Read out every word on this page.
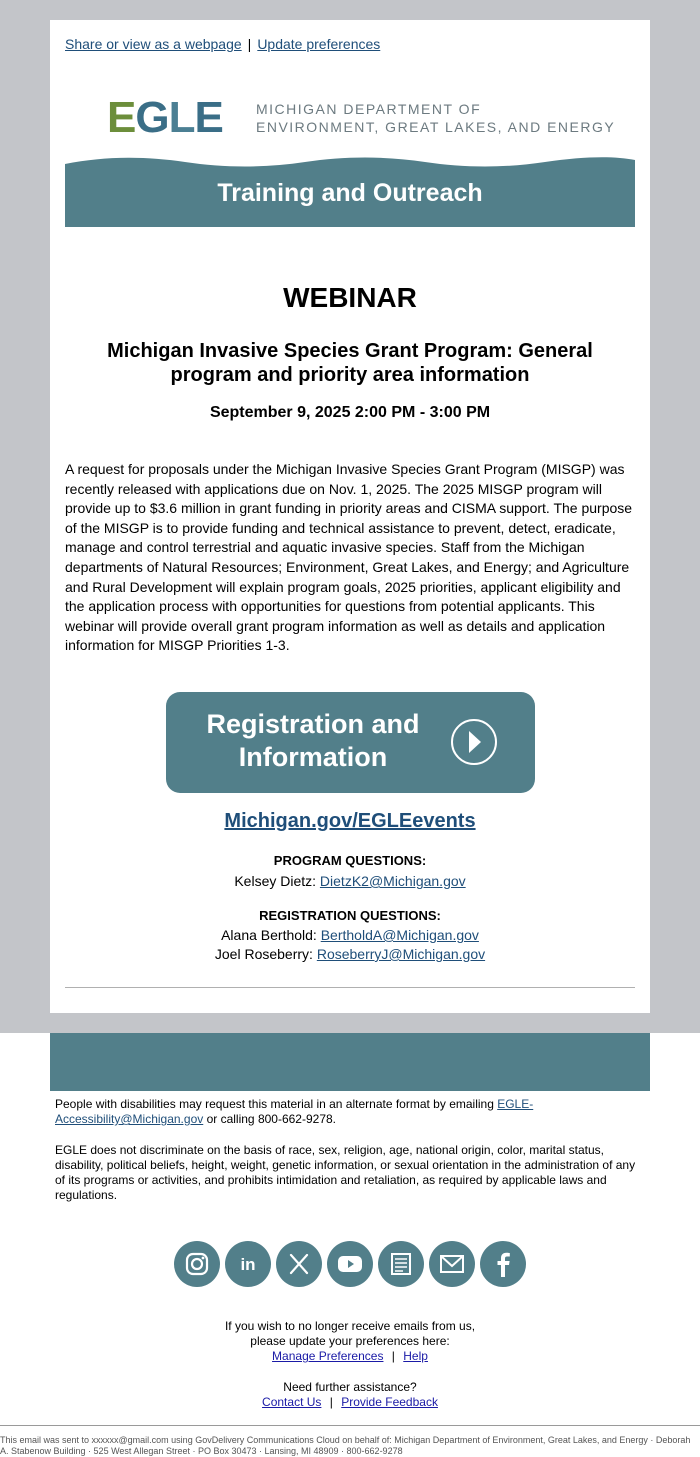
Share or view as a webpage | Update preferences
EGLE MICHIGAN DEPARTMENT OF
ENVIRONMENT, GREAT LAKES, AND ENERGY
Training and Outreach
WEBINAR
Michigan Invasive Species Grant Program: General program and priority area information
September 9, 2025 2:00 PM - 3:00 PM
A request for proposals under the Michigan Invasive Species Grant Program (MISGP) was recently released with applications due on Nov. 1, 2025. The 2025 MISGP program will provide up to $3.6 million in grant funding in priority areas and CISMA support. The purpose of the MISGP is to provide funding and technical assistance to prevent, detect, eradicate, manage and control terrestrial and aquatic invasive species. Staff from the Michigan departments of Natural Resources; Environment, Great Lakes, and Energy; and Agriculture and Rural Development will explain program goals, 2025 priorities, applicant eligibility and the application process with opportunities for questions from potential applicants. This webinar will provide overall grant program information as well as details and application information for MISGP Priorities 1-3.
Registration and
Information
Michigan.gov/EGLEevents
PROGRAM QUESTIONS:
Kelsey Dietz: DietzK2@Michigan.gov
REGISTRATION QUESTIONS:
Alana Berthold: BertholdA@Michigan.gov
Joel Roseberry: RoseberryJ@Michigan.gov
People with disabilities may request this material in an alternate format by emailing EGLE-Accessibility@Michigan.gov or calling 800-662-9278.
EGLE does not discriminate on the basis of race, sex, religion, age, national origin, color, marital status, disability, political beliefs, height, weight, genetic information, or sexual orientation in the administration of any of its programs or activities, and prohibits intimidation and retaliation, as required by applicable laws and regulations.
in
If you wish to no longer receive emails from us,
please update your preferences here:
Manage Preferences | Help
Need further assistance?
Contact Us | Provide Feedback
This email was sent to xxxxxx@gmail.com using GovDelivery Communications Cloud on behalf of: Michigan Department of Environment, Great Lakes, and Energy · Deborah A. Stabenow Building · 525 West Allegan Street · PO Box 30473 · Lansing, MI 48909 · 800-662-9278
